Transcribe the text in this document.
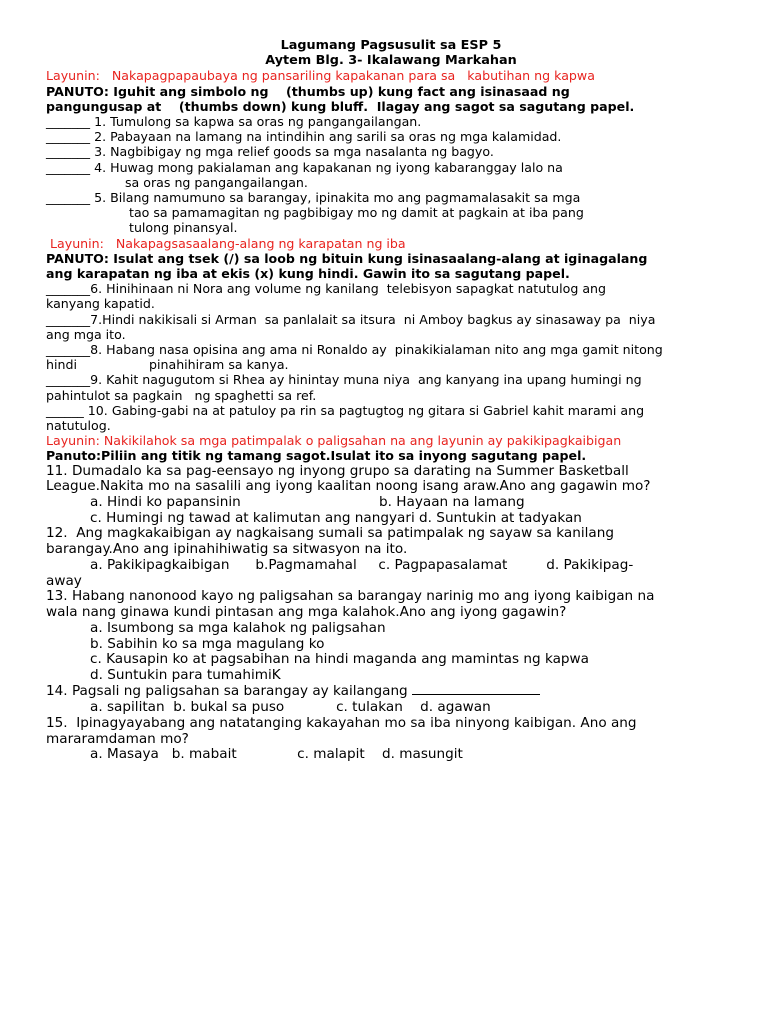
Lagumang Pagsusulit sa ESP 5
Aytem Blg. 3- Ikalawang Markahan
Layunin:   Nakapagpapaubaya ng pansariling kapakanan para sa   kabutihan ng kapwa
PANUTO: Iguhit ang simbolo ng    (thumbs up) kung fact ang isinasaad ng
pangungusap at    (thumbs down) kung bluff.  Ilagay ang sagot sa sagutang papel.
_______ 1. Tumulong sa kapwa sa oras ng pangangailangan.
_______ 2. Pabayaan na lamang na intindihin ang sarili sa oras ng mga kalamidad.
_______ 3. Nagbibigay ng mga relief goods sa mga nasalanta ng bagyo.
_______ 4. Huwag mong pakialaman ang kapakanan ng iyong kabaranggay lalo na
sa oras ng pangangailangan.
_______ 5. Bilang namumuno sa barangay, ipinakita mo ang pagmamalasakit sa mga
tao sa pamamagitan ng pagbibigay mo ng damit at pagkain at iba pang
tulong pinansyal.
Layunin:   Nakapagsasaalang-alang ng karapatan ng iba
PANUTO: Isulat ang tsek (/) sa loob ng bituin kung isinasaalang-alang at iginagalang
ang karapatan ng iba at ekis (x) kung hindi. Gawin ito sa sagutang papel.
_______6. Hinihinaan ni Nora ang volume ng kanilang  telebisyon sapagkat natutulog ang
kanyang kapatid.
_______7.Hindi nakikisali si Arman  sa panlalait sa itsura  ni Amboy bagkus ay sinasaway pa  niya
ang mga ito.
_______8. Habang nasa opisina ang ama ni Ronaldo ay  pinakikialaman nito ang mga gamit nitong
hindi                  pinahihiram sa kanya.
_______9. Kahit nagugutom si Rhea ay hinintay muna niya  ang kanyang ina upang humingi ng
pahintulot sa pagkain   ng spaghetti sa ref.
______ 10. Gabing-gabi na at patuloy pa rin sa pagtugtog ng gitara si Gabriel kahit marami ang
natutulog.
Layunin: Nakikilahok sa mga patimpalak o paligsahan na ang layunin ay pakikipagkaibigan
Panuto:Piliin ang titik ng tamang sagot.Isulat ito sa inyong sagutang papel.
11. Dumadalo ka sa pag-eensayo ng inyong grupo sa darating na Summer Basketball
League.Nakita mo na sasalili ang iyong kaalitan noong isang araw.Ano ang gagawin mo?
a. Hindi ko papansinin                                b. Hayaan na lamang
c. Humingi ng tawad at kalimutan ang nangyari d. Suntukin at tadyakan
12.  Ang magkakaibigan ay nagkaisang sumali sa patimpalak ng sayaw sa kanilang
barangay.Ano ang ipinahihiwatig sa sitwasyon na ito.
a. Pakikipagkaibigan      b.Pagmamahal     c. Pagpapasalamat         d. Pakikipag-
away
13. Habang nanonood kayo ng paligsahan sa barangay narinig mo ang iyong kaibigan na
wala nang ginawa kundi pintasan ang mga kalahok.Ano ang iyong gagawin?
a. Isumbong sa mga kalahok ng paligsahan
b. Sabihin ko sa mga magulang ko
c. Kausapin ko at pagsabihan na hindi maganda ang mamintas ng kapwa
d. Suntukin para tumahimiK
14. Pagsali ng paligsahan sa barangay ay kailangang
a. sapilitan  b. bukal sa puso            c. tulakan    d. agawan
15.  Ipinagyayabang ang natatanging kakayahan mo sa iba ninyong kaibigan. Ano ang
mararamdaman mo?
a. Masaya   b. mabait              c. malapit    d. masungit
